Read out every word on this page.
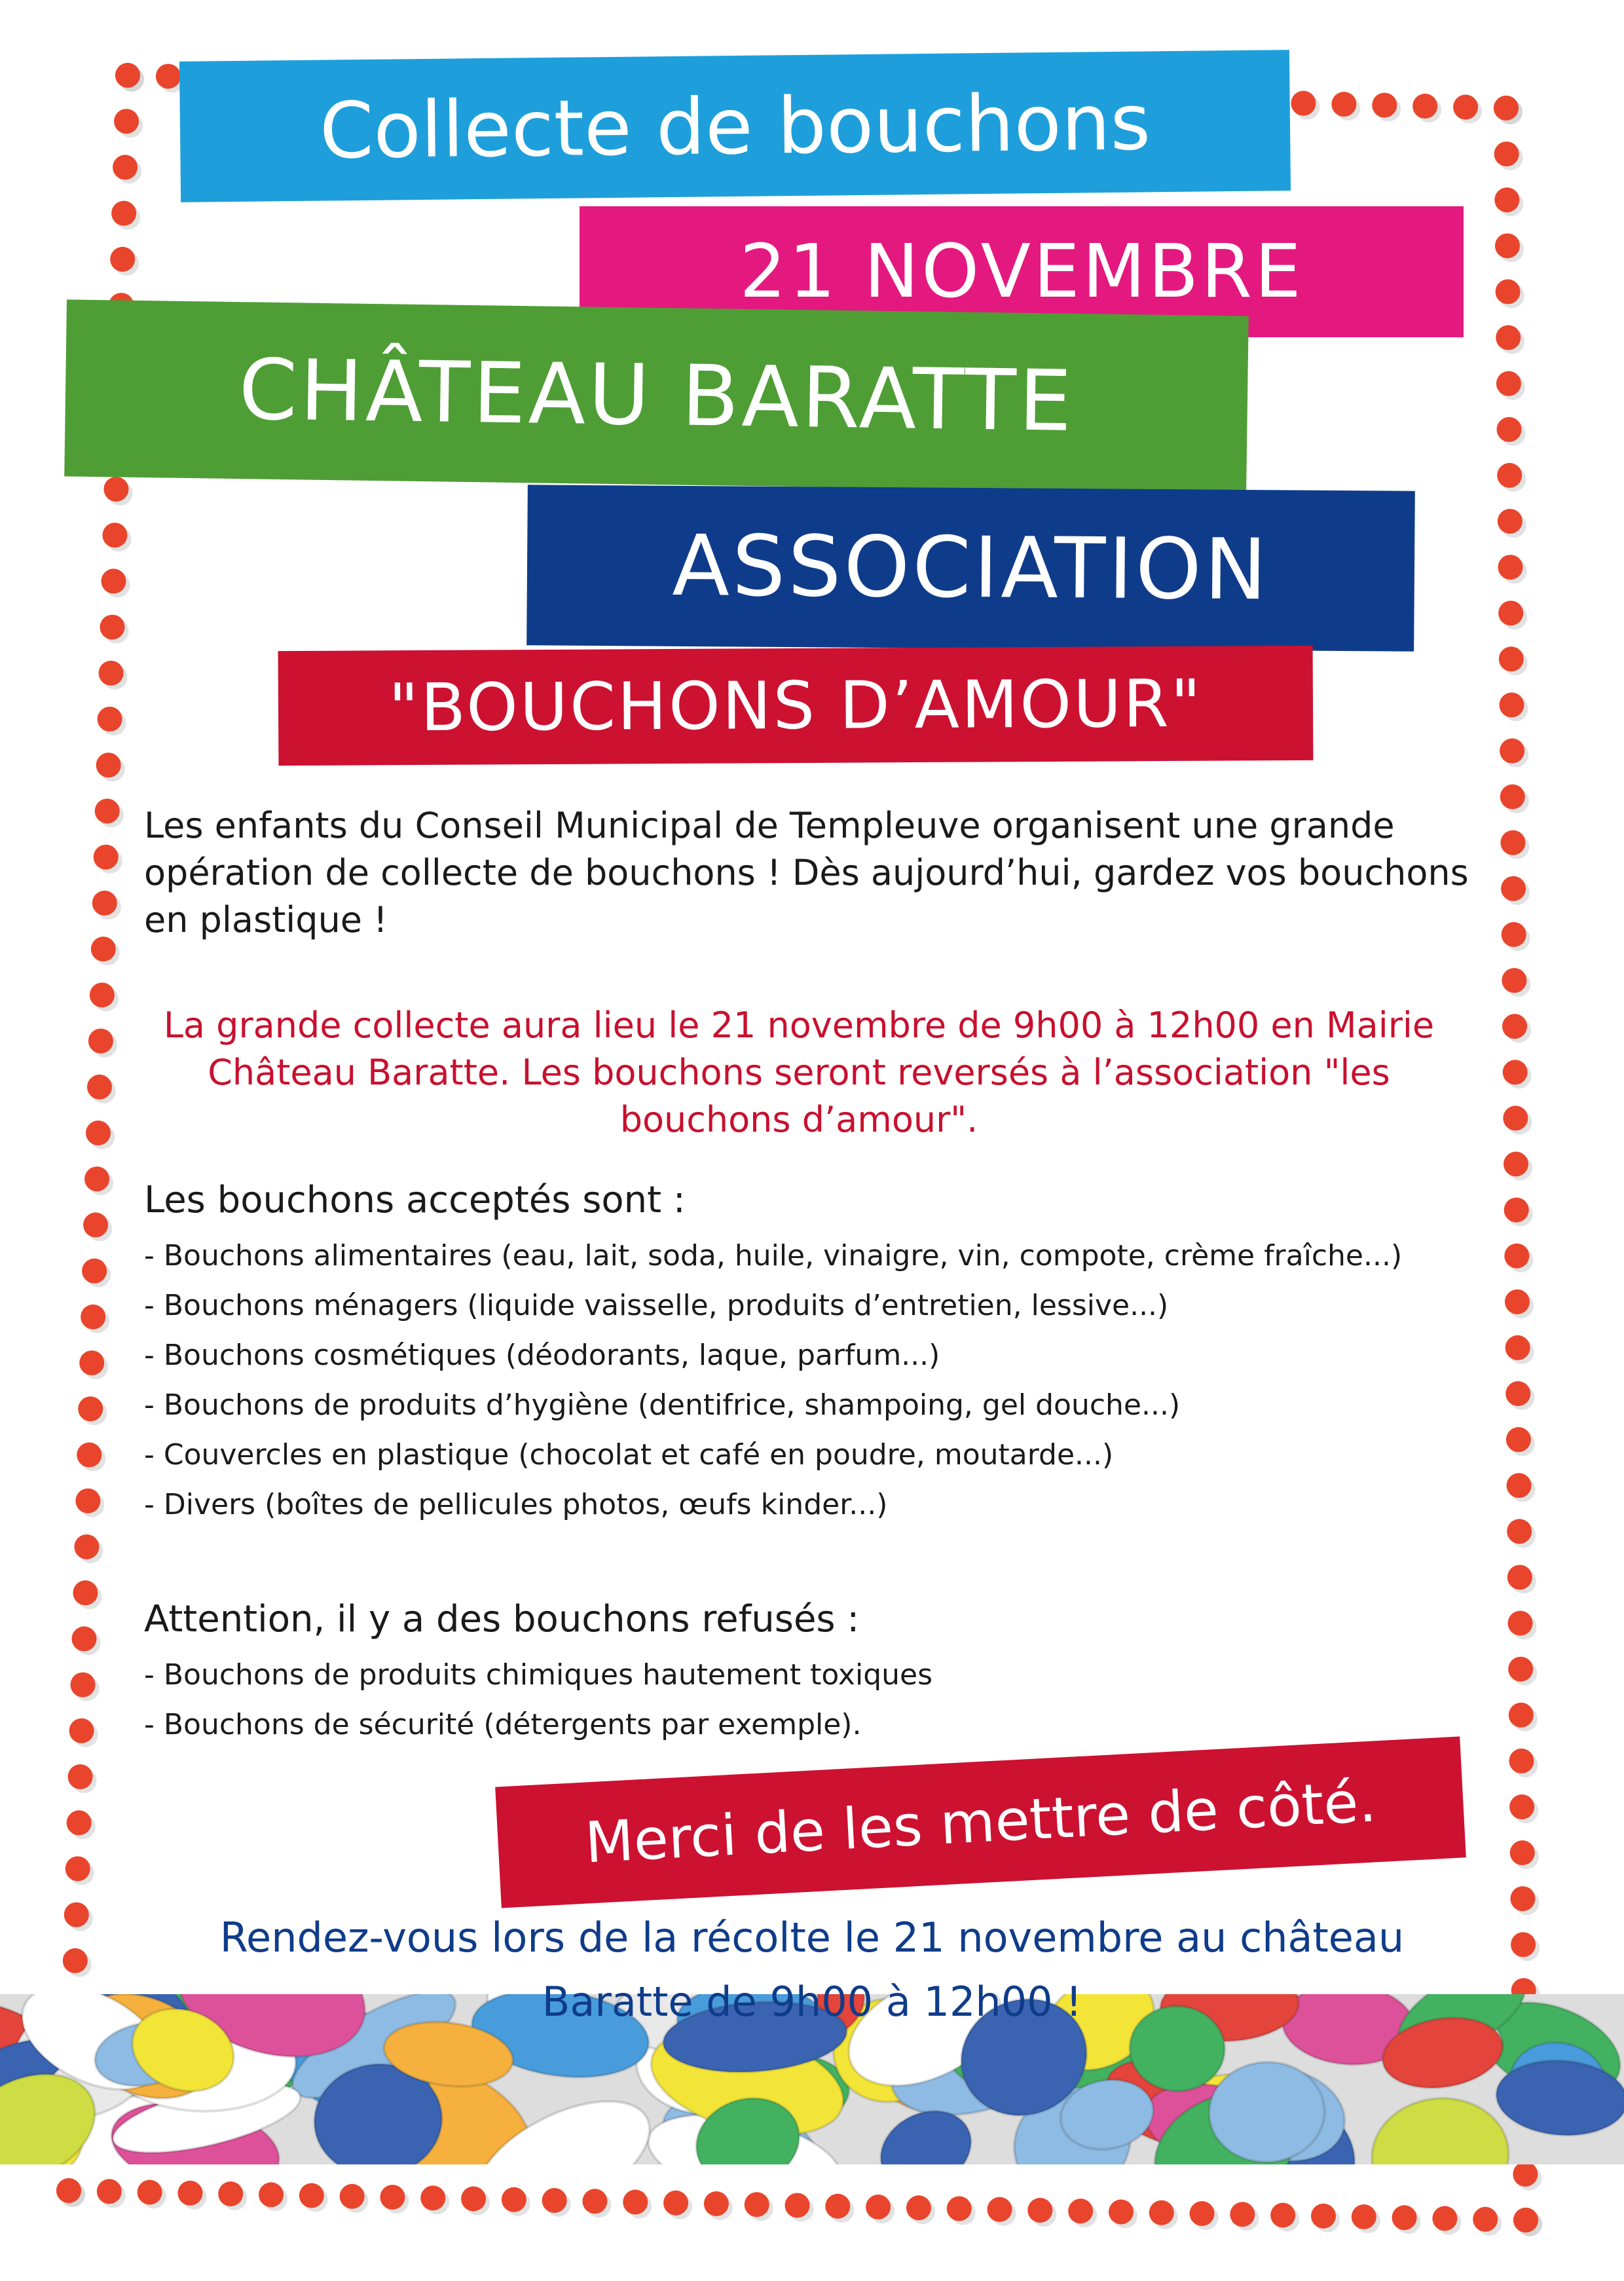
Collecte de bouchons
21 NOVEMBRE
CHÂTEAU BARATTE
ASSOCIATION
"BOUCHONS D’AMOUR"
Les enfants du Conseil Municipal de Templeuve organisent une grande opération de collecte de bouchons ! Dès aujourd’hui, gardez vos bouchons en plastique !
La grande collecte aura lieu le 21 novembre de 9h00 à 12h00 en Mairie Château Baratte. Les bouchons seront reversés à l’association "les bouchons d’amour".
Les bouchons acceptés sont :
- Bouchons alimentaires (eau, lait, soda, huile, vinaigre, vin, compote, crème fraîche...)
- Bouchons ménagers (liquide vaisselle, produits d’entretien, lessive...)
- Bouchons cosmétiques (déodorants, laque, parfum...)
- Bouchons de produits d’hygiène (dentifrice, shampoing, gel douche...)
- Couvercles en plastique (chocolat et café en poudre, moutarde...)
- Divers (boîtes de pellicules photos, œufs kinder...)
Attention, il y a des bouchons refusés :
- Bouchons de produits chimiques hautement toxiques
- Bouchons de sécurité (détergents par exemple).
Merci de les mettre de côté.
Rendez-vous lors de la récolte le 21 novembre au château Baratte de 9h00 à 12h00 !
